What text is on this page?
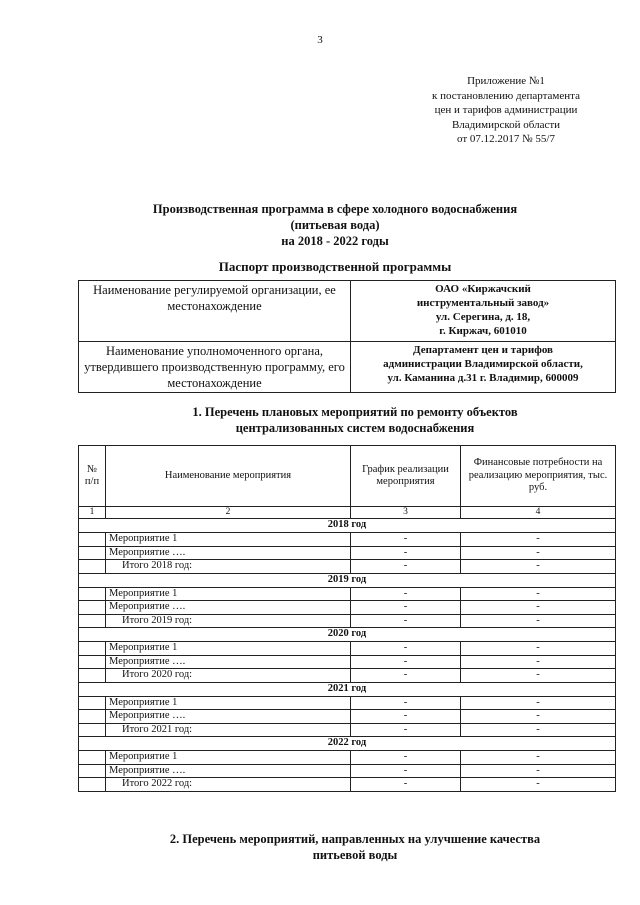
3
Приложение №1
к постановлению департамента
цен и тарифов администрации
Владимирской области
от 07.12.2017 № 55/7
Производственная программа в сфере холодного водоснабжения
(питьевая вода)
на 2018 - 2022 годы
Паспорт производственной программы
Наименование регулируемой организации, ее местонахождение	ОАО «Киржачский
инструментальный завод»
ул. Серегина, д. 18,
г. Киржач, 601010

Наименование уполномоченного органа, утвердившего производственную программу, его местонахождение	Департамент цен и тарифов
администрации Владимирской области,
ул. Каманина д.31 г. Владимир, 600009
1. Перечень плановых мероприятий по ремонту объектов
централизованных систем водоснабжения
№ п/п	Наименование мероприятия	График реализации мероприятия	Финансовые потребности на реализацию мероприятия, тыс. руб.
1	2	3	4
2018 год			
	Мероприятие 1	-	-
	Мероприятие ….	-	-
	Итого 2018 год:	-	-
2019 год			
	Мероприятие 1	-	-
	Мероприятие ….	-	-
	Итого 2019 год:	-	-
2020 год			
	Мероприятие 1	-	-
	Мероприятие ….	-	-
	Итого 2020 год:	-	-
2021 год			
	Мероприятие 1	-	-
	Мероприятие ….	-	-
	Итого 2021 год:	-	-
2022 год			
	Мероприятие 1	-	-
	Мероприятие ….	-	-
	Итого 2022 год:	-	-
2. Перечень мероприятий, направленных на улучшение качества
питьевой воды
